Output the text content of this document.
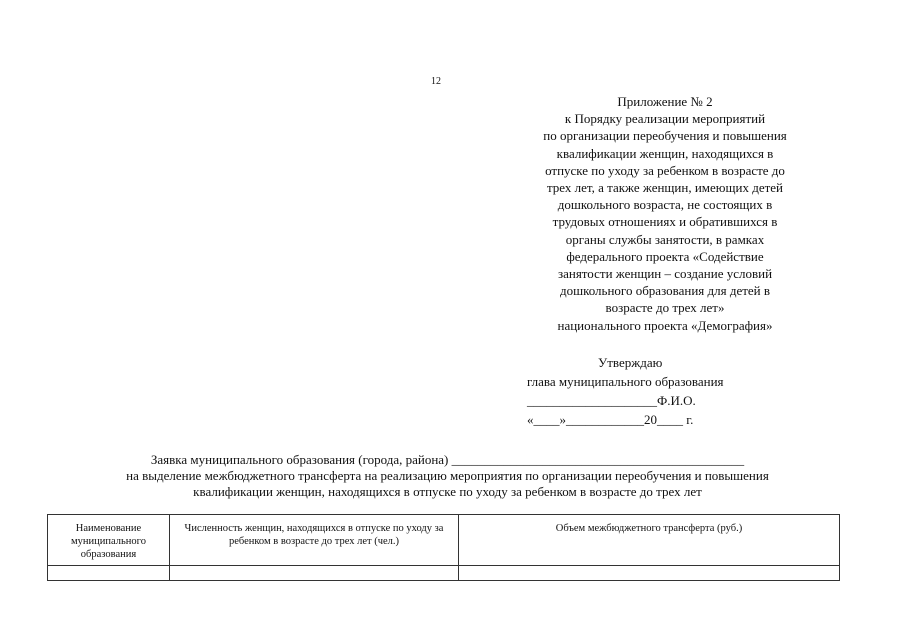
12
Приложение № 2
к Порядку реализации мероприятий
по организации переобучения и повышения
квалификации женщин, находящихся в
отпуске по уходу за ребенком в возрасте до
трех лет, а также женщин, имеющих детей
дошкольного возраста, не состоящих в
трудовых отношениях и обратившихся в
органы службы занятости, в рамках
федерального проекта «Содействие
занятости женщин – создание условий
дошкольного образования для детей в
возрасте до трех лет»
национального проекта «Демография»
Утверждаю
глава муниципального образования
____________________Ф.И.О.
«____»____________20____ г.
Заявка муниципального образования (города, района) _____________________________________________
на выделение межбюджетного трансферта на реализацию мероприятия по организации переобучения и повышения
квалификации женщин, находящихся в отпуске по уходу за ребенком в возрасте до трех лет
Наименование муниципального образования	Численность женщин, находящихся в отпуске по уходу за ребенком в возрасте до трех лет (чел.)	Объем межбюджетного трансферта (руб.)
